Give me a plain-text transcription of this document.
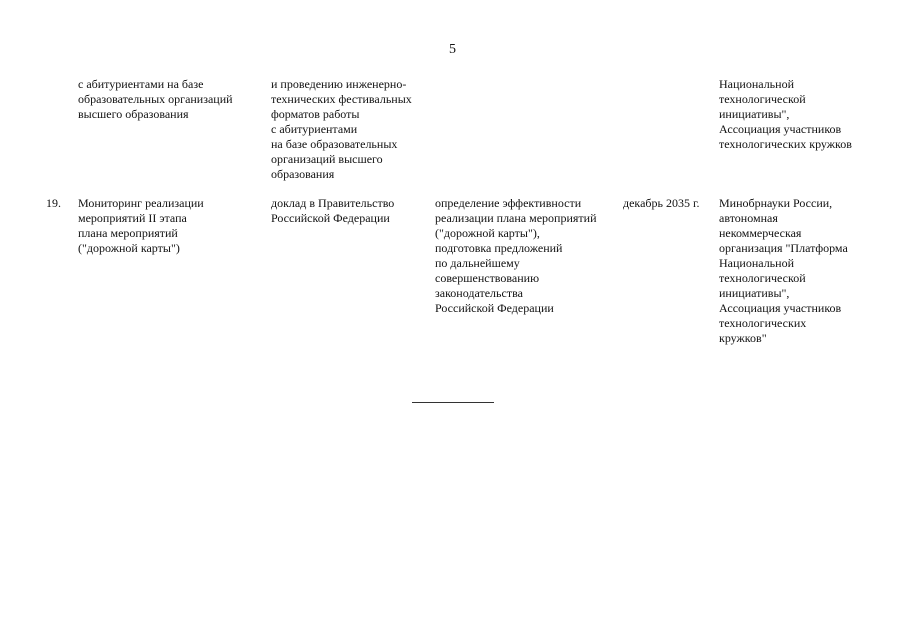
5
с абитуриентами на базе
образовательных организаций
высшего образования
и проведению инженерно-
технических фестивальных
форматов работы
с абитуриентами
на базе образовательных
организаций высшего
образования
Национальной
технологической
инициативы",
Ассоциация участников
технологических кружков
19. Мониторинг реализации
мероприятий II этапа
плана мероприятий
("дорожной карты")
доклад в Правительство
Российской Федерации
определение эффективности
реализации плана мероприятий
("дорожной карты"),
подготовка предложений
по дальнейшему
совершенствованию
законодательства
Российской Федерации
декабрь 2035 г. Минобрнауки России,
автономная
некоммерческая
организация "Платформа
Национальной
технологической
инициативы",
Ассоциация участников
технологических
кружков"
